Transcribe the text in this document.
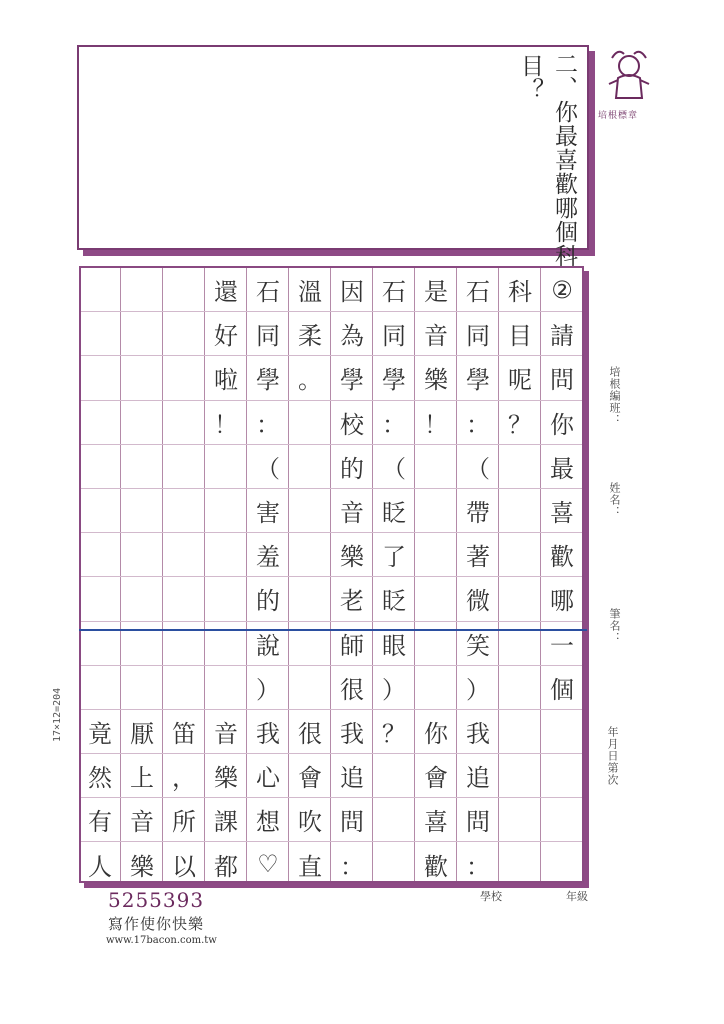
二、你最喜歡哪個科
目？
培根標章
②
請
問
你
最
喜
歡
哪
一
個
科
目
呢
？
石
同
學
：
（
帶
著
微
笑
）
我
追
問
：
是
音
樂
！
你
會
喜
歡
石
同
學
：
（
眨
了
眨
眼
）
？
因
為
學
校
的
音
樂
老
師
很
我
追
問
：
溫
柔
。
很
會
吹
直
石
同
學
：
（
害
羞
的
說
）
我
心
想
♡
還
好
啦
！
音
樂
課
都
笛
，
所
以
厭
上
音
樂
竟
然
有
人
培根編班：
姓名：
筆名：
年月日第次
學校	年級
17×12=204
5255393
寫作使你快樂
www.17bacon.com.tw
